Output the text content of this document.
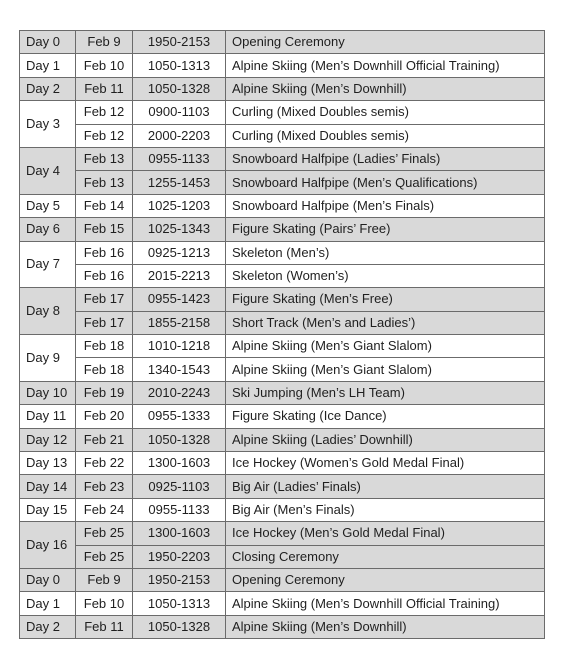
Day 0	Feb 9	1950-2153	Opening Ceremony
Day 1	Feb 10	1050-1313	Alpine Skiing (Men’s Downhill Official Training)
Day 2	Feb 11	1050-1328	Alpine Skiing (Men’s Downhill)
Day 3	Feb 12	0900-1103	Curling (Mixed Doubles semis)
	Feb 12	2000-2203	Curling (Mixed Doubles semis)
Day 4	Feb 13	0955-1133	Snowboard Halfpipe (Ladies’ Finals)
	Feb 13	1255-1453	Snowboard Halfpipe (Men’s Qualifications)
Day 5	Feb 14	1025-1203	Snowboard Halfpipe (Men’s Finals)
Day 6	Feb 15	1025-1343	Figure Skating (Pairs’ Free)
Day 7	Feb 16	0925-1213	Skeleton (Men’s)
	Feb 16	2015-2213	Skeleton (Women’s)
Day 8	Feb 17	0955-1423	Figure Skating (Men’s Free)
	Feb 17	1855-2158	Short Track (Men’s and Ladies’)
Day 9	Feb 18	1010-1218	Alpine Skiing (Men’s Giant Slalom)
	Feb 18	1340-1543	Alpine Skiing (Men’s Giant Slalom)
Day 10	Feb 19	2010-2243	Ski Jumping (Men’s LH Team)
Day 11	Feb 20	0955-1333	Figure Skating (Ice Dance)
Day 12	Feb 21	1050-1328	Alpine Skiing (Ladies’ Downhill)
Day 13	Feb 22	1300-1603	Ice Hockey (Women’s Gold Medal Final)
Day 14	Feb 23	0925-1103	Big Air (Ladies’ Finals)
Day 15	Feb 24	0955-1133	Big Air (Men’s Finals)
Day 16	Feb 25	1300-1603	Ice Hockey (Men’s Gold Medal Final)
	Feb 25	1950-2203	Closing Ceremony
Day 0	Feb 9	1950-2153	Opening Ceremony
Day 1	Feb 10	1050-1313	Alpine Skiing (Men’s Downhill Official Training)
Day 2	Feb 11	1050-1328	Alpine Skiing (Men’s Downhill)
